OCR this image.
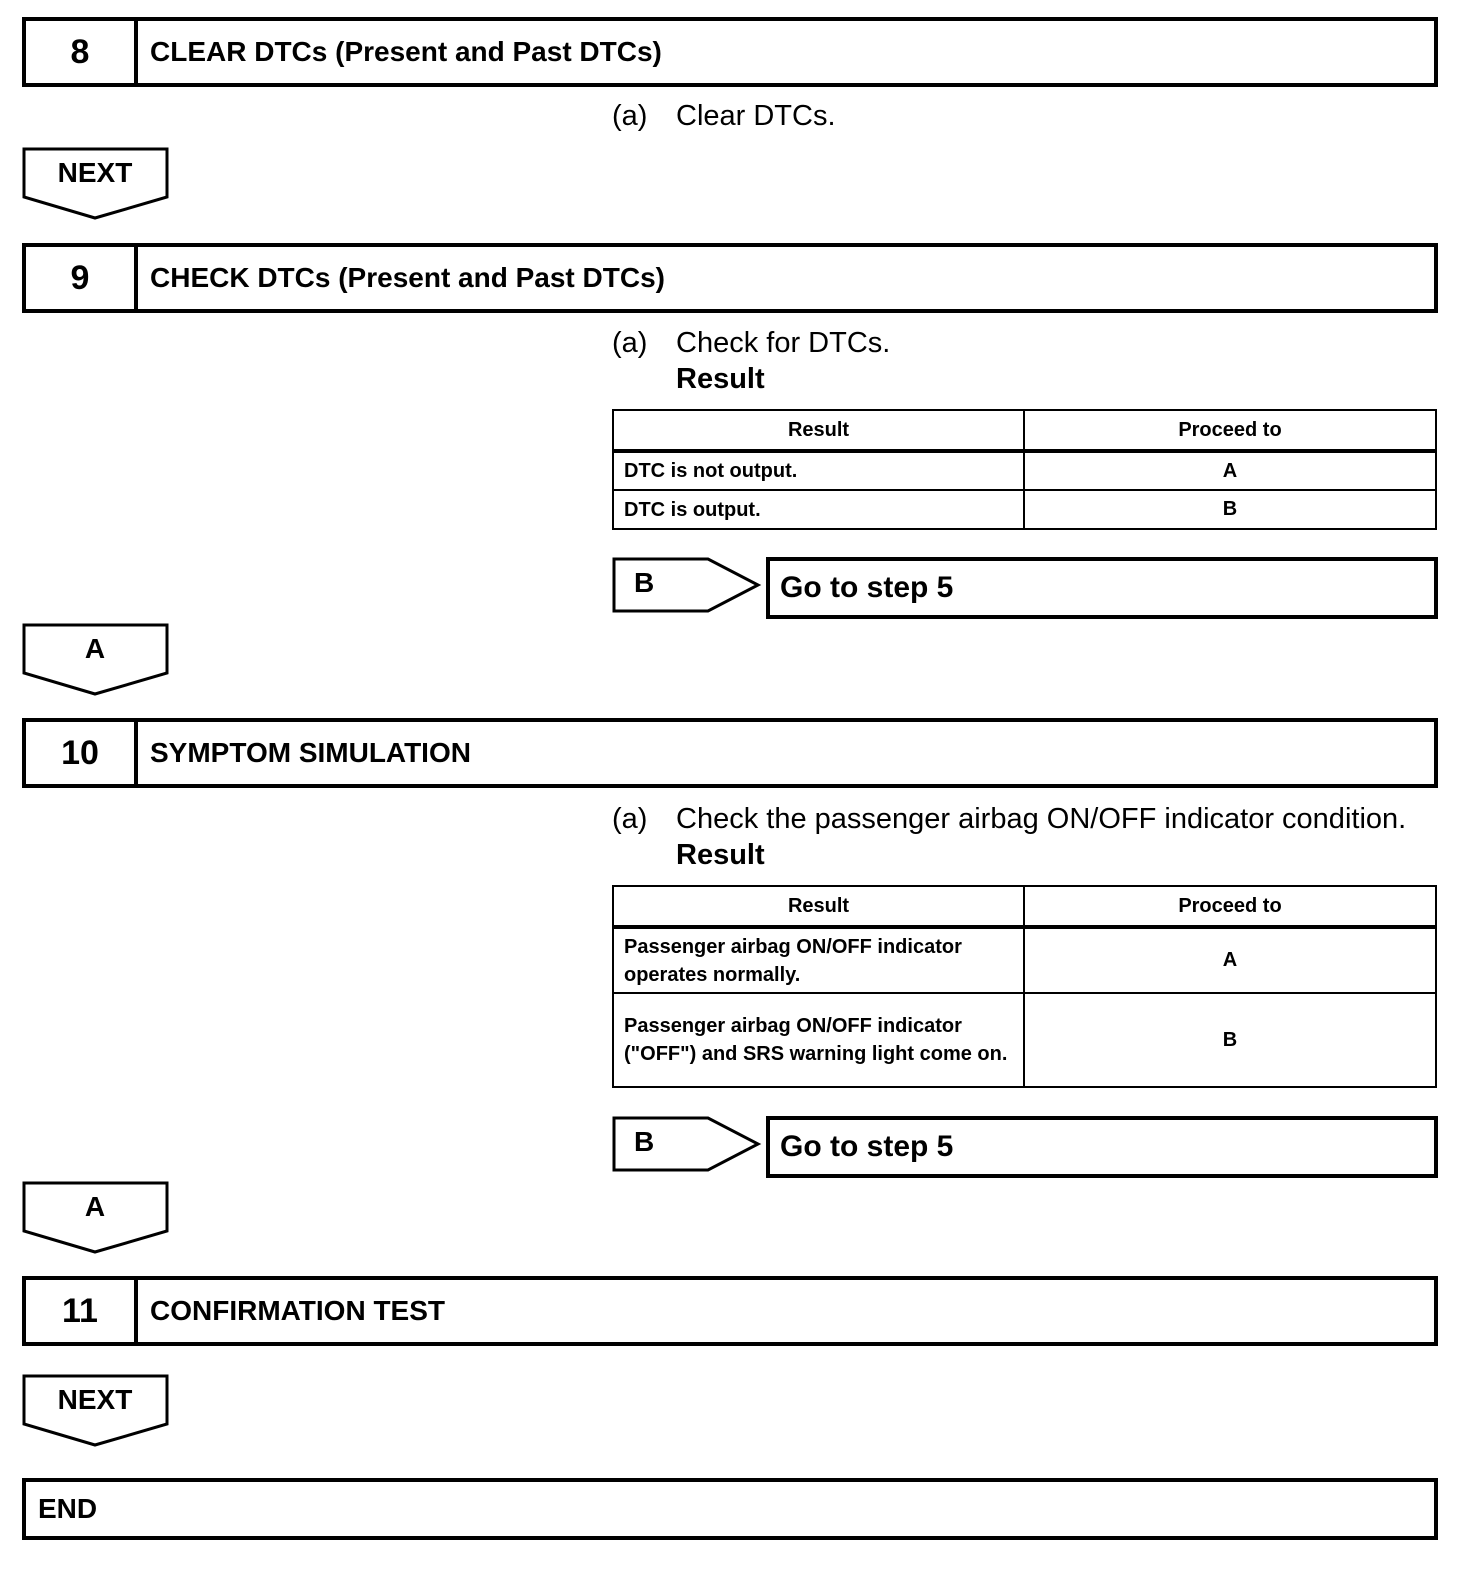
8	CLEAR DTCs (Present and Past DTCs)
(a) Clear DTCs.
NEXT
9	CHECK DTCs (Present and Past DTCs)
(a) Check for DTCs.
Result
Result	Proceed to
DTC is not output.	A
DTC is output.	B
B	Go to step 5
A
10	SYMPTOM SIMULATION
(a) Check the passenger airbag ON/OFF indicator condition.
Result
Result	Proceed to
Passenger airbag ON/OFF indicator operates normally.	A
Passenger airbag ON/OFF indicator ("OFF") and SRS warning light come on.	B
B	Go to step 5
A
11	CONFIRMATION TEST
NEXT
END
